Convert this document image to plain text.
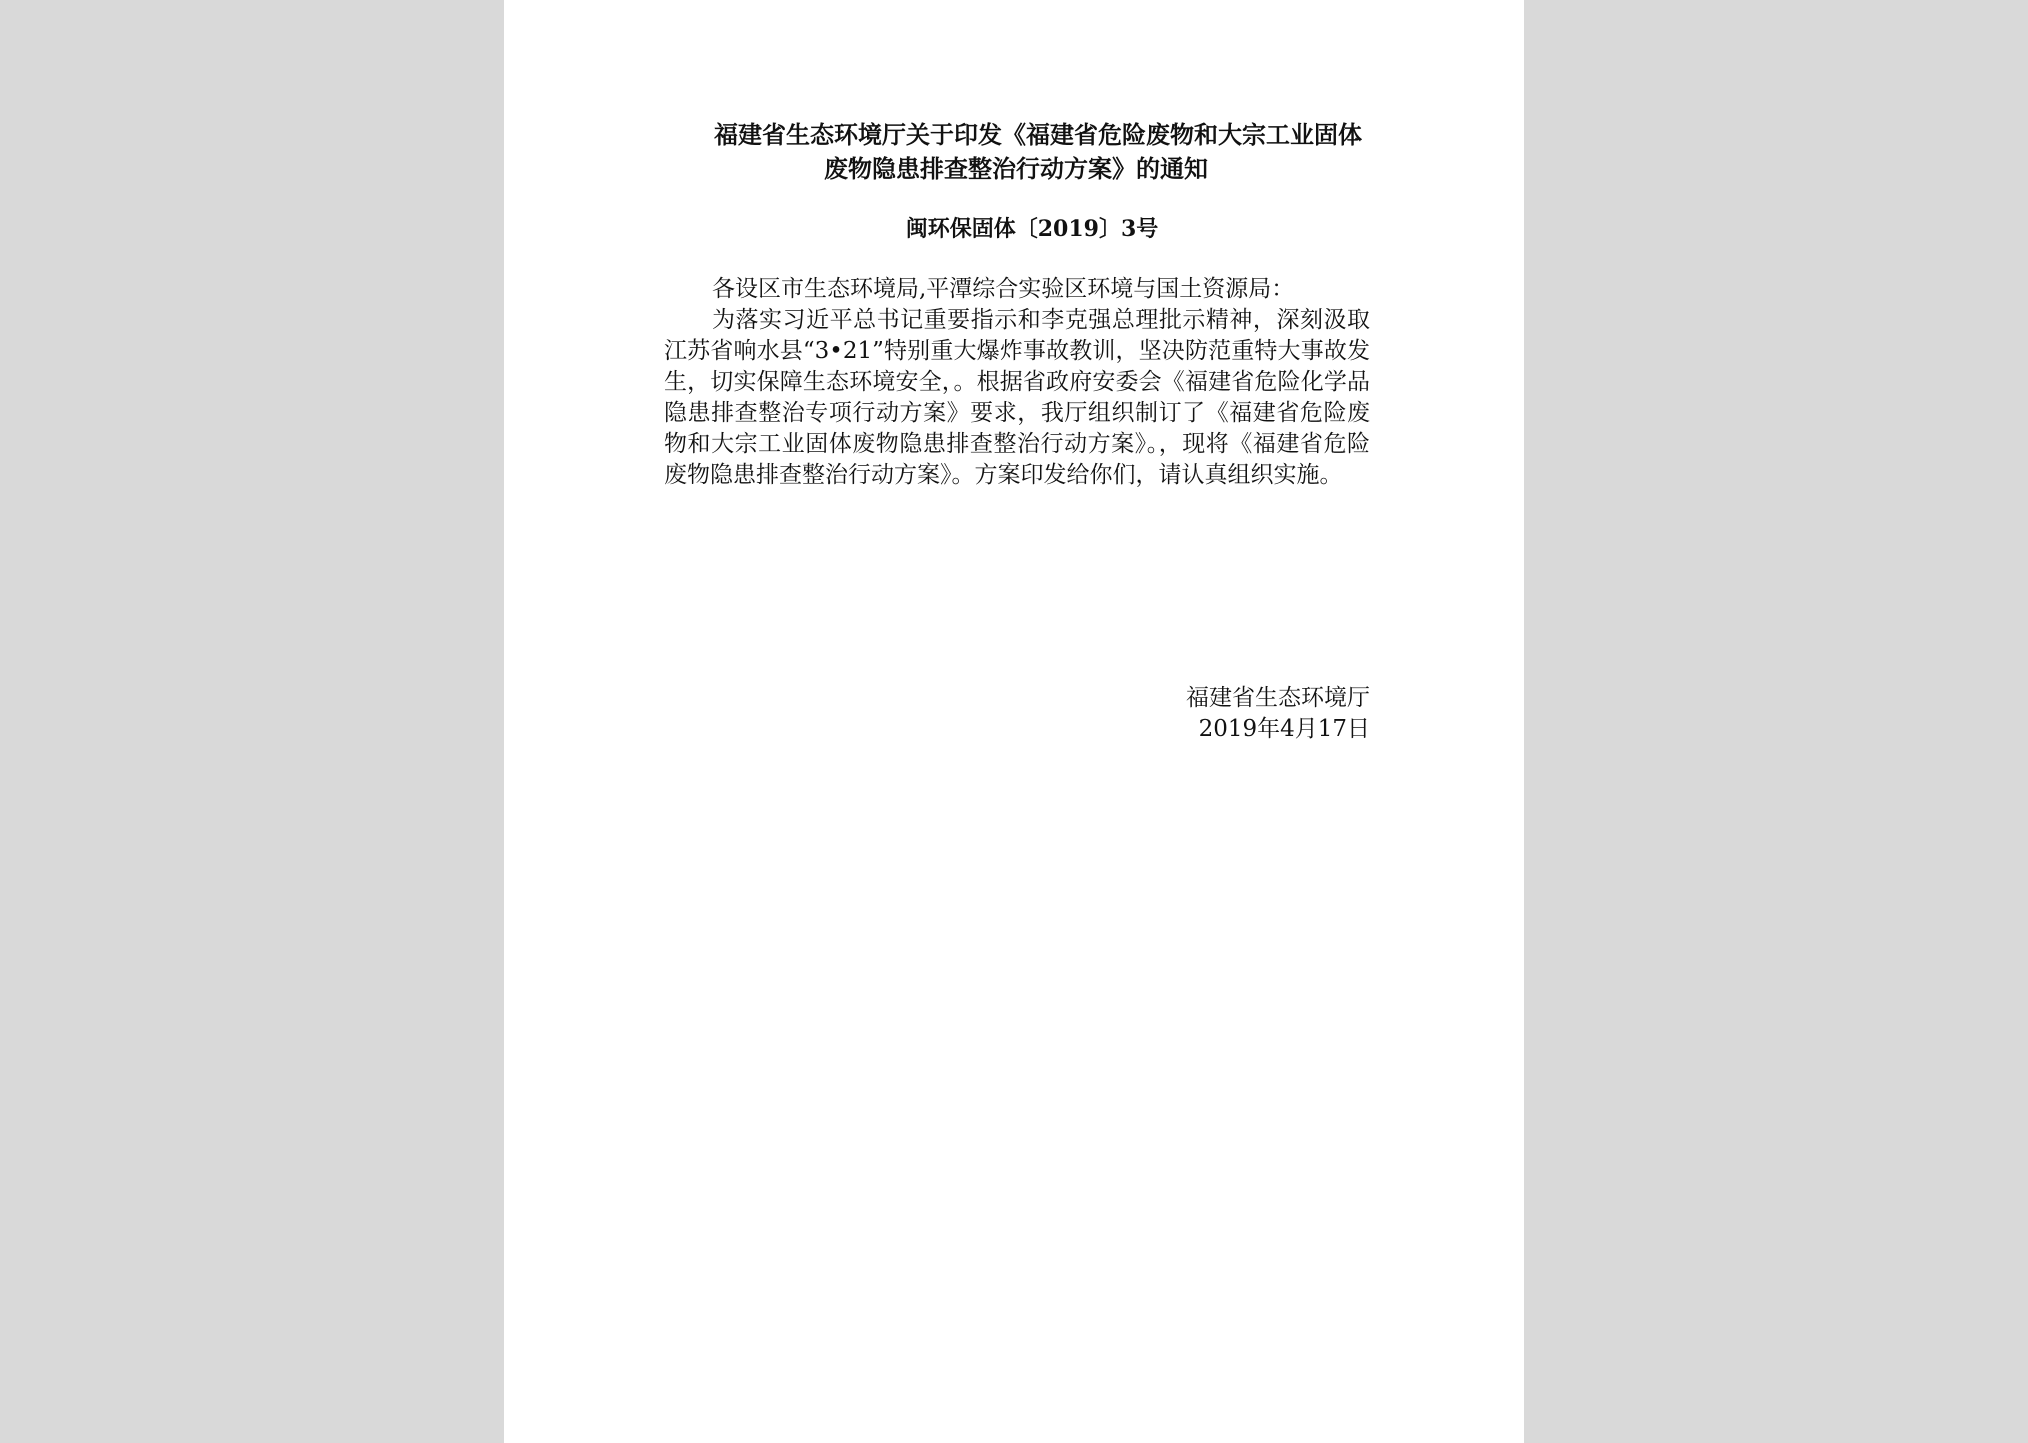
福建省生态环境厅关于印发《福建省危险废物和大宗工业固体
废物隐患排查整治行动方案》的通知
闽环保固体〔2019〕3号
各设区市生态环境局,平潭综合实验区环境与国土资源局：

为落实习近平总书记重要指示和李克强总理批示精神，深刻汲取江苏省响水县“3•21”特别重大爆炸事故教训，坚决防范重特大事故发生，切实保障生态环境安全，。根据省政府安委会《福建省危险化学品隐患排查整治专项行动方案》要求，我厅组织制订了《福建省危险废物和大宗工业固体废物隐患排查整治行动方案》。，现将《福建省危险废物隐患排查整治行动方案》。方案印发给你们，请认真组织实施。

福建省生态环境厅
2019年4月17日
